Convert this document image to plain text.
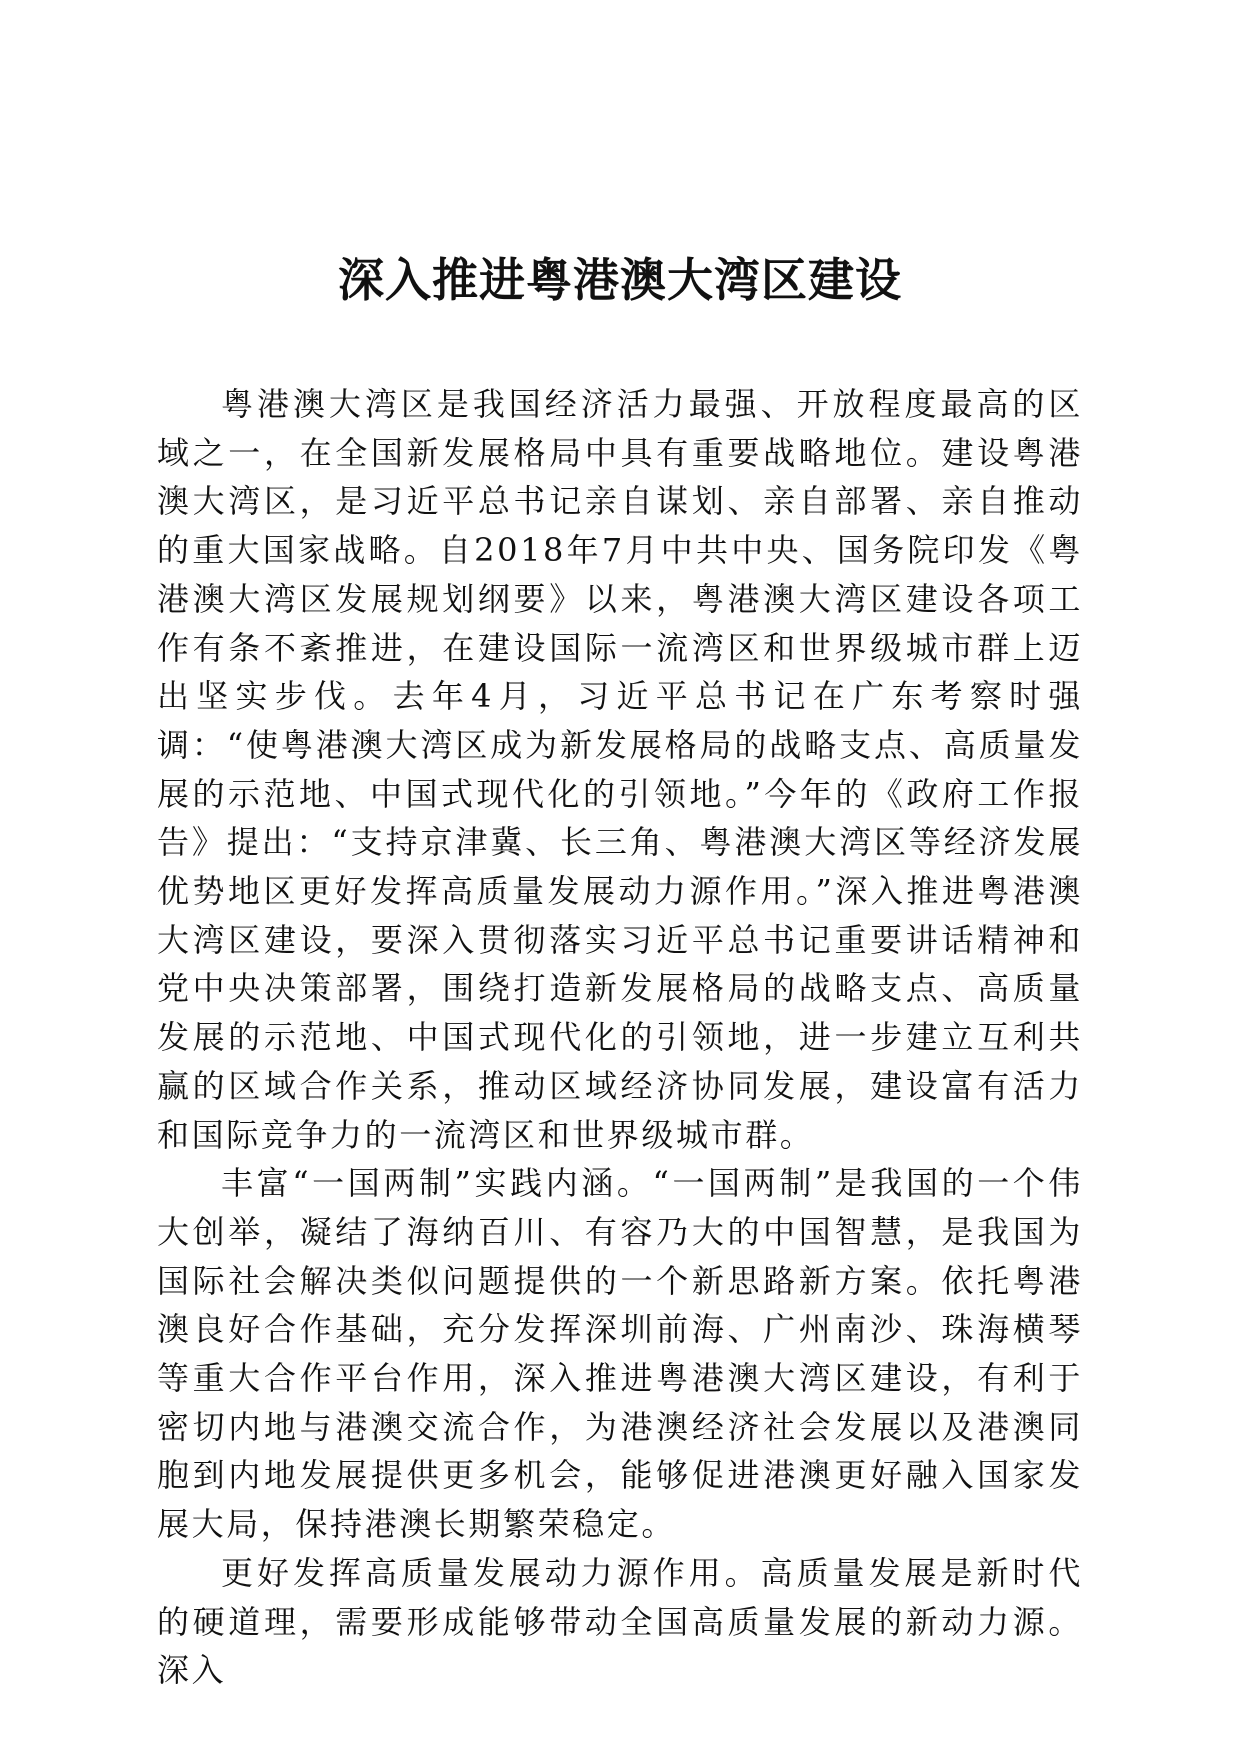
深入推进粤港澳大湾区建设

粤港澳大湾区是我国经济活力最强、开放程度最高的区域之一，在全国新发展格局中具有重要战略地位。建设粤港澳大湾区，是习近平总书记亲自谋划、亲自部署、亲自推动的重大国家战略。自2018年7月中共中央、国务院印发《粤港澳大湾区发展规划纲要》以来，粤港澳大湾区建设各项工作有条不紊推进，在建设国际一流湾区和世界级城市群上迈出坚实步伐。去年4月，习近平总书记在广东考察时强调：“使粤港澳大湾区成为新发展格局的战略支点、高质量发展的示范地、中国式现代化的引领地。”今年的《政府工作报告》提出：“支持京津冀、长三角、粤港澳大湾区等经济发展优势地区更好发挥高质量发展动力源作用。”深入推进粤港澳大湾区建设，要深入贯彻落实习近平总书记重要讲话精神和党中央决策部署，围绕打造新发展格局的战略支点、高质量发展的示范地、中国式现代化的引领地，进一步建立互利共赢的区域合作关系，推动区域经济协同发展，建设富有活力和国际竞争力的一流湾区和世界级城市群。

丰富“一国两制”实践内涵。“一国两制”是我国的一个伟大创举，凝结了海纳百川、有容乃大的中国智慧，是我国为国际社会解决类似问题提供的一个新思路新方案。依托粤港澳良好合作基础，充分发挥深圳前海、广州南沙、珠海横琴等重大合作平台作用，深入推进粤港澳大湾区建设，有利于密切内地与港澳交流合作，为港澳经济社会发展以及港澳同胞到内地发展提供更多机会，能够促进港澳更好融入国家发展大局，保持港澳长期繁荣稳定。

更好发挥高质量发展动力源作用。高质量发展是新时代的硬道理，需要形成能够带动全国高质量发展的新动力源。深入
